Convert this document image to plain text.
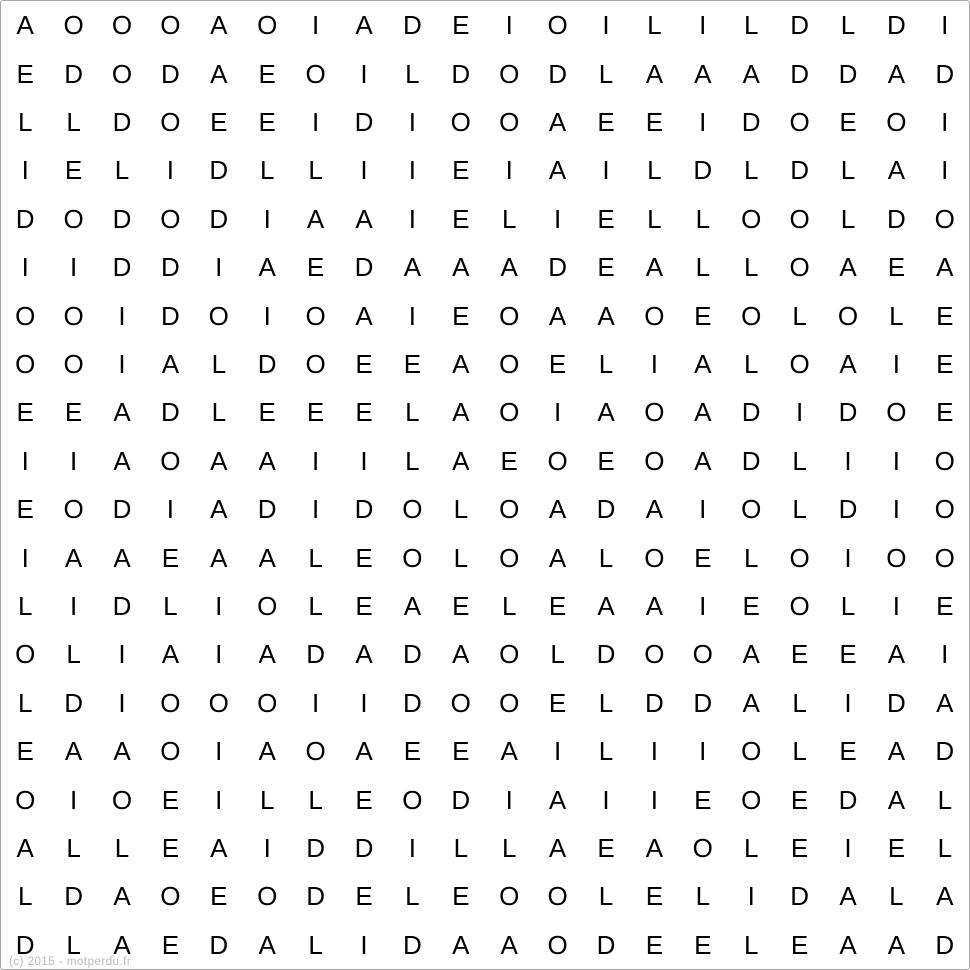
A	O	O	O	A	O	I	A	D	E	I	O	I	L	I	L	D	L	D	I
E	D	O	D	A	E	O	I	L	D	O	D	L	A	A	A	D	D	A	D
L	L	D	O	E	E	I	D	I	O	O	A	E	E	I	D	O	E	O	I
I	E	L	I	D	L	L	I	I	E	I	A	I	L	D	L	D	L	A	I
D	O	D	O	D	I	A	A	I	E	L	I	E	L	L	O	O	L	D	O
I	I	D	D	I	A	E	D	A	A	A	D	E	A	L	L	O	A	E	A
O	O	I	D	O	I	O	A	I	E	O	A	A	O	E	O	L	O	L	E
O	O	I	A	L	D	O	E	E	A	O	E	L	I	A	L	O	A	I	E
E	E	A	D	L	E	E	E	L	A	O	I	A	O	A	D	I	D	O	E
I	I	A	O	A	A	I	I	L	A	E	O	E	O	A	D	L	I	I	O
E	O	D	I	A	D	I	D	O	L	O	A	D	A	I	O	L	D	I	O
I	A	A	E	A	A	L	E	O	L	O	A	L	O	E	L	O	I	O	O
L	I	D	L	I	O	L	E	A	E	L	E	A	A	I	E	O	L	I	E
O	L	I	A	I	A	D	A	D	A	O	L	D	O	O	A	E	E	A	I
L	D	I	O	O	O	I	I	D	O	O	E	L	D	D	A	L	I	D	A
E	A	A	O	I	A	O	A	E	E	A	I	L	I	I	O	L	E	A	D
O	I	O	E	I	L	L	E	O	D	I	A	I	I	E	O	E	D	A	L
A	L	L	E	A	I	D	D	I	L	L	A	E	A	O	L	E	I	E	L
L	D	A	O	E	O	D	E	L	E	O	O	L	E	L	I	D	A	L	A
D	L	A	E	D	A	L	I	D	A	A	O	D	E	E	L	E	A	A	D
(c) 2015 - motperdu.fr
